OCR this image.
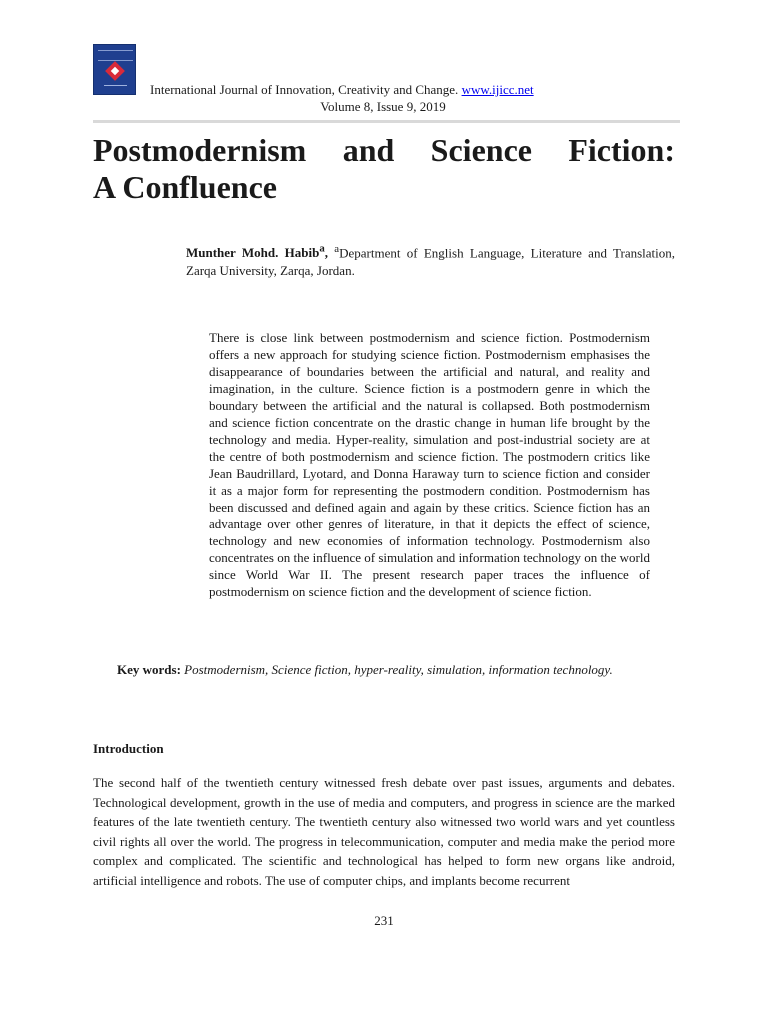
International Journal of Innovation, Creativity and Change. www.ijicc.net
Volume 8, Issue 9, 2019
Postmodernism and Science Fiction:
A Confluence
Munther Mohd. Habib$^a$, $^a$Department of English Language, Literature and Translation, Zarqa University, Zarqa, Jordan.

There is close link between postmodernism and science fiction. Postmodernism offers a new approach for studying science fiction. Postmodernism emphasises the disappearance of boundaries between the artificial and natural, and reality and imagination, in the culture. Science fiction is a postmodern genre in which the boundary between the artificial and the natural is collapsed. Both postmodernism and science fiction concentrate on the drastic change in human life brought by the technology and media. Hyper-reality, simulation and post-industrial society are at the centre of both postmodernism and science fiction. The postmodern critics like Jean Baudrillard, Lyotard, and Donna Haraway turn to science fiction and consider it as a major form for representing the postmodern condition. Postmodernism has been discussed and defined again and again by these critics. Science fiction has an advantage over other genres of literature, in that it depicts the effect of science, technology and new economies of information technology. Postmodernism also concentrates on the influence of simulation and information technology on the world since World War II. The present research paper traces the influence of postmodernism on science fiction and the development of science fiction.

Key words: Postmodernism, Science fiction, hyper-reality, simulation, information technology.

Introduction

The second half of the twentieth century witnessed fresh debate over past issues, arguments and debates. Technological development, growth in the use of media and computers, and progress in science are the marked features of the late twentieth century. The twentieth century also witnessed two world wars and yet countless civil rights all over the world. The progress in telecommunication, computer and media make the period more complex and complicated. The scientific and technological has helped to form new organs like android, artificial intelligence and robots. The use of computer chips, and implants become recurrent

231
